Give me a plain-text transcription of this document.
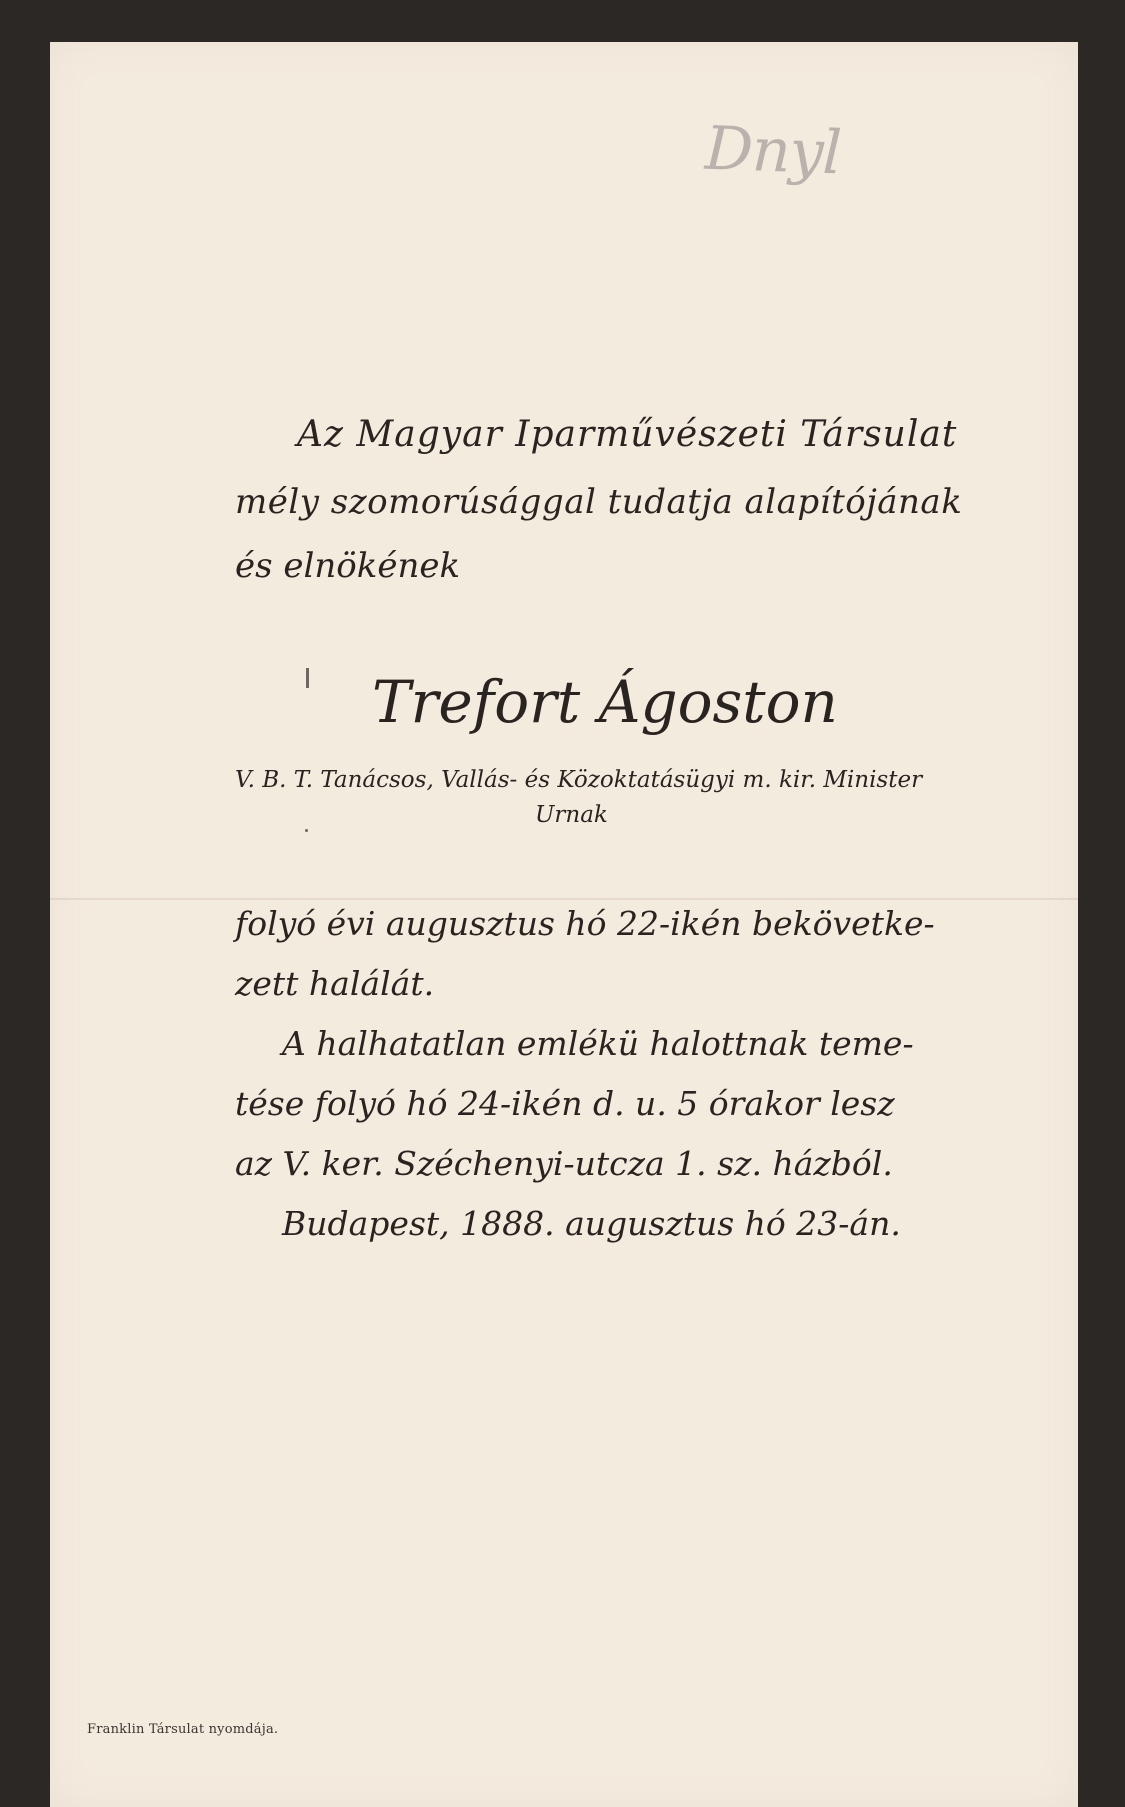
Dnyl
Az Magyar Iparművészeti Társulat
mély szomorúsággal tudatja alapítójának
és elnökének
Trefort Ágoston
V. B. T. Tanácsos, Vallás- és Közoktatásügyi m. kir. Minister
Urnak
folyó évi augusztus hó 22-ikén bekövetke-
zett halálát.
A halhatatlan emlékü halottnak teme-
tése folyó hó 24-ikén d. u. 5 órakor lesz
az V. ker. Széchenyi-utcza 1. sz. házból.
Budapest, 1888. augusztus hó 23-án.
Franklin Társulat nyomdája.
